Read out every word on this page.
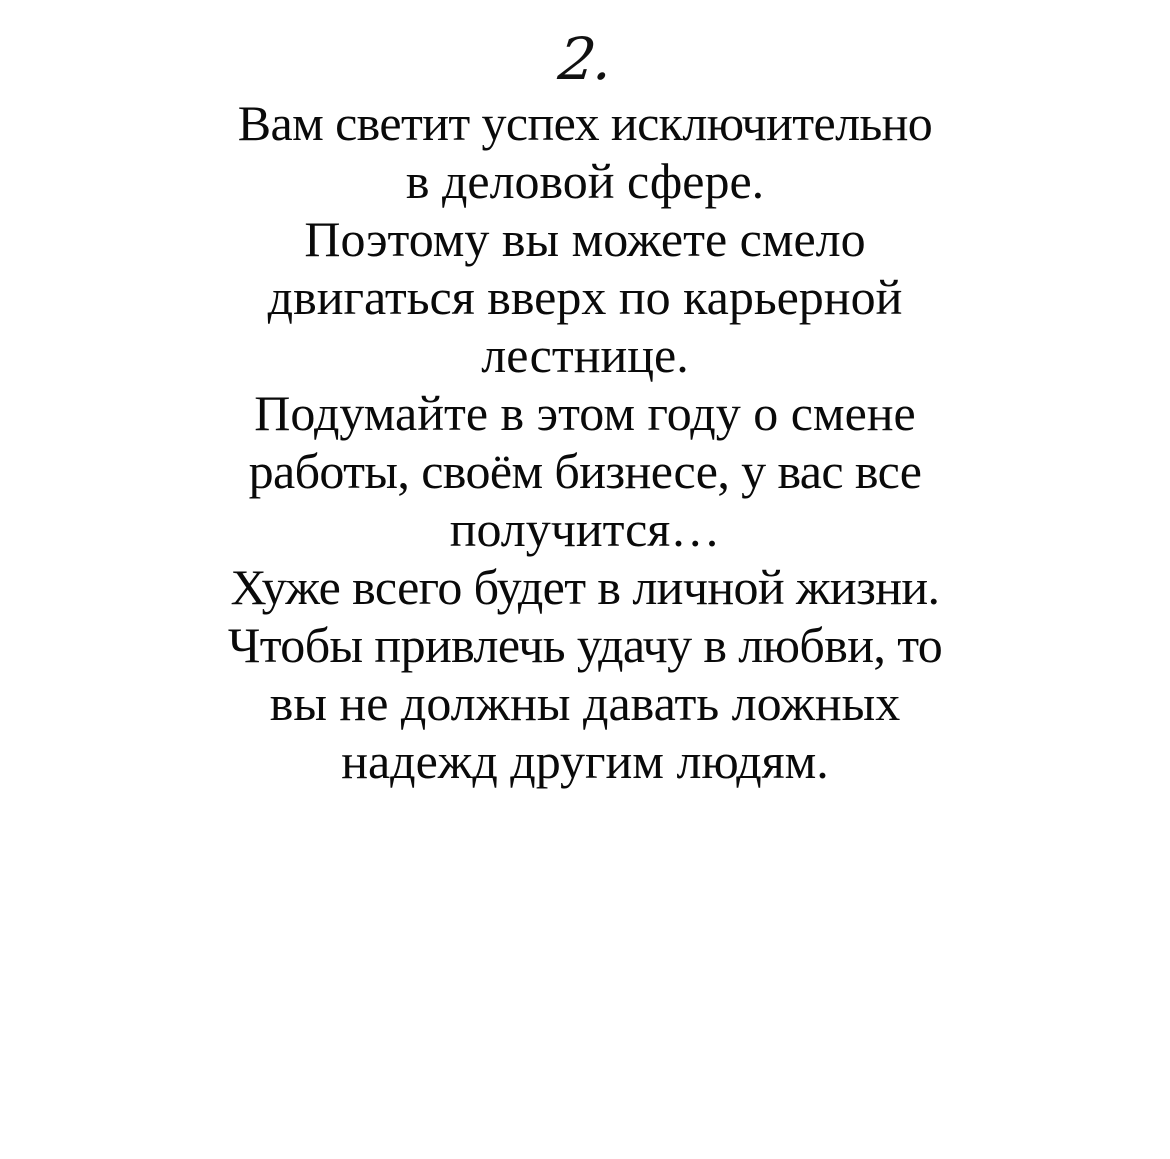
2.
Вам светит успех исключительно
в деловой сфере.
Поэтому вы можете смело
двигаться вверх по карьерной
лестнице.
Подумайте в этом году о смене
работы, своём бизнесе, у вас все
получится…
Хуже всего будет в личной жизни.
Чтобы привлечь удачу в любви, то
вы не должны давать ложных
надежд другим людям.
